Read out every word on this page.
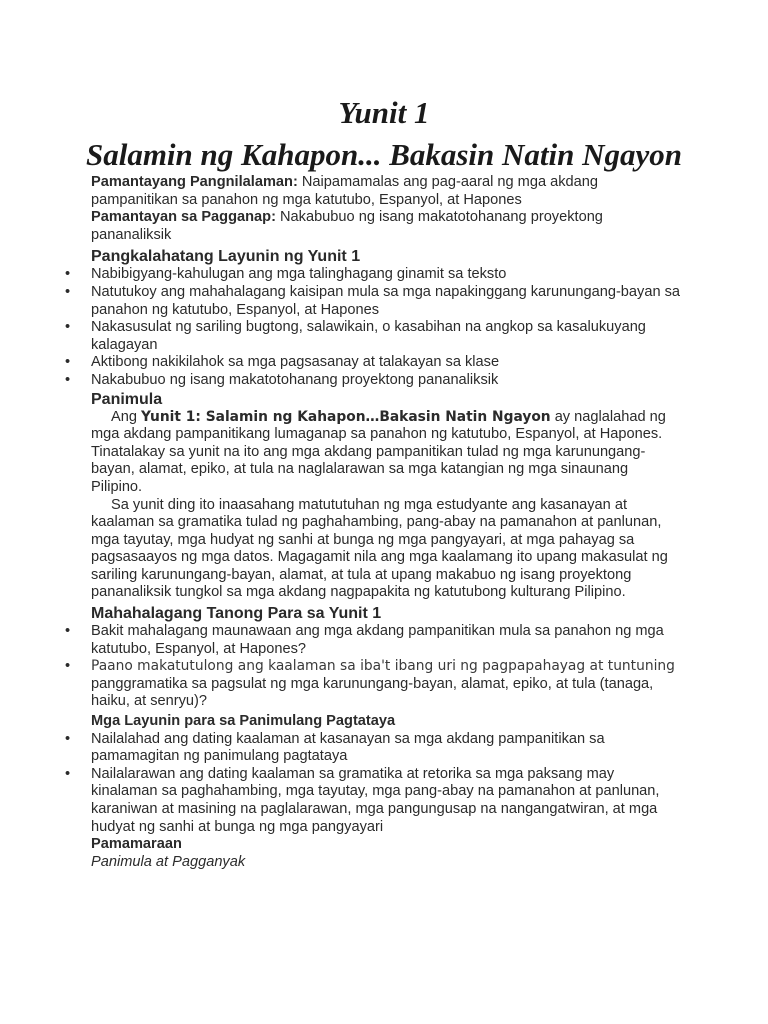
Yunit 1
Salamin ng Kahapon... Bakasin Natin Ngayon

Pamantayang Pangnilalaman: Naipamamalas ang pag-aaral ng mga akdang pampanitikan sa panahon ng mga katutubo, Espanyol, at Hapones

Pamantayan sa Pagganap: Nakabubuo ng isang makatotohanang proyektong pananaliksik

Pangkalahatang Layunin ng Yunit 1
• Nabibigyang-kahulugan ang mga talinghagang ginamit sa teksto
• Natutukoy ang mahahalagang kaisipan mula sa mga napakinggang karunungang-bayan sa panahon ng katutubo, Espanyol, at Hapones
• Nakasusulat ng sariling bugtong, salawikain, o kasabihan na angkop sa kasalukuyang kalagayan
• Aktibong nakikilahok sa mga pagsasanay at talakayan sa klase
• Nakabubuo ng isang makatotohanang proyektong pananaliksik
Panimula

Ang Yunit 1: Salamin ng Kahapon…Bakasin Natin Ngayon ay naglalahad ng mga akdang pampanitikang lumaganap sa panahon ng katutubo, Espanyol, at Hapones. Tinatalakay sa yunit na ito ang mga akdang pampanitikan tulad ng mga karunungang-bayan, alamat, epiko, at tula na naglalarawan sa mga katangian ng mga sinaunang Pilipino.

Sa yunit ding ito inaasahang matututuhan ng mga estudyante ang kasanayan at kaalaman sa gramatika tulad ng paghahambing, pang-abay na pamanahon at panlunan, mga tayutay, mga hudyat ng sanhi at bunga ng mga pangyayari, at mga pahayag sa pagsasaayos ng mga datos. Magagamit nila ang mga kaalamang ito upang makasulat ng sariling karunungang-bayan, alamat, at tula at upang makabuo ng isang proyektong pananaliksik tungkol sa mga akdang nagpapakita ng katutubong kulturang Pilipino.

Mahahalagang Tanong Para sa Yunit 1
• Bakit mahalagang maunawaan ang mga akdang pampanitikan mula sa panahon ng mga katutubo, Espanyol, at Hapones?
• Paano makatutulong ang kaalaman sa iba't ibang uri ng pagpapahayag at tuntuning panggramatika sa pagsulat ng mga karunungang-bayan, alamat, epiko, at tula (tanaga, haiku, at senryu)?
Mga Layunin para sa Panimulang Pagtataya
• Nailalahad ang dating kaalaman at kasanayan sa mga akdang pampanitikan sa pamamagitan ng panimulang pagtataya
• Nailalarawan ang dating kaalaman sa gramatika at retorika sa mga paksang may kinalaman sa paghahambing, mga tayutay, mga pang-abay na pamanahon at panlunan, karaniwan at masining na paglalarawan, mga pangungusap na nangangatwiran, at mga hudyat ng sanhi at bunga ng mga pangyayari
Pamamaraan
Panimula at Pagganyak
